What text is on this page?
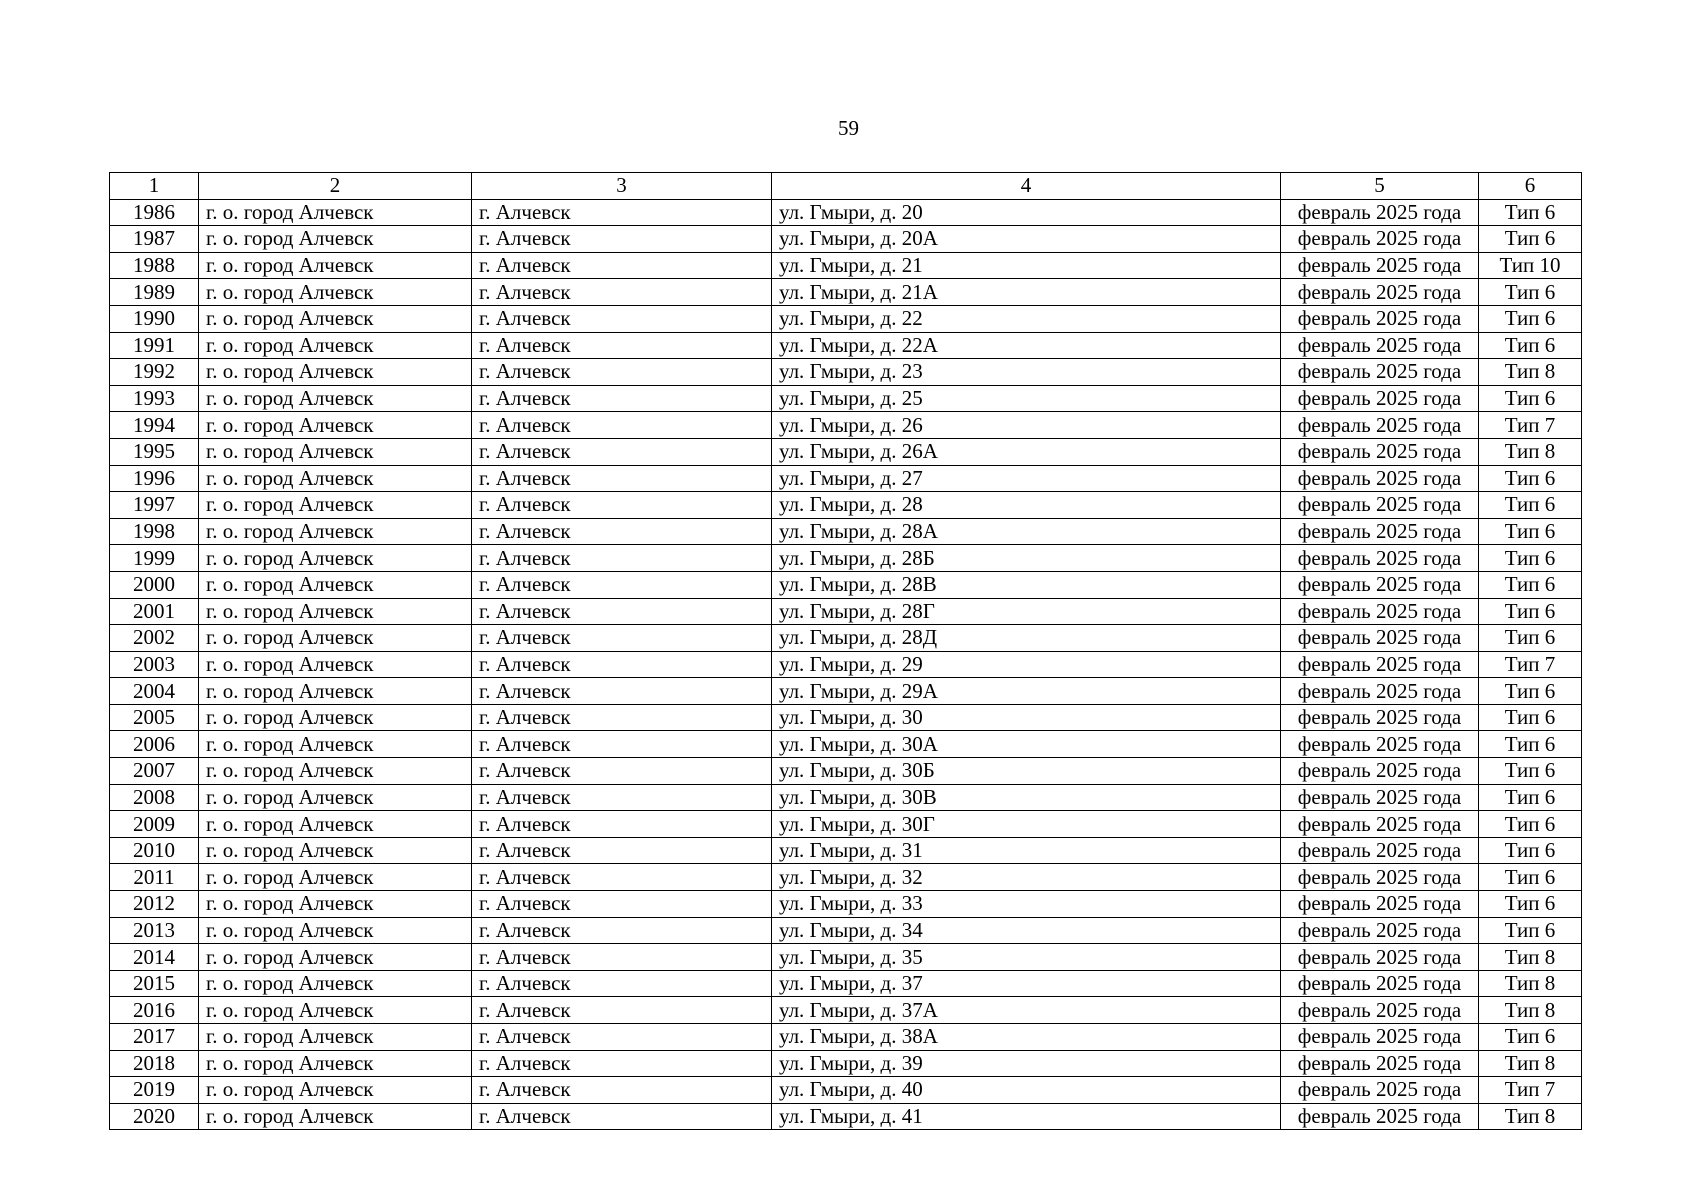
59
1	2	3	4	5	6
1986	г. о. город Алчевск	г. Алчевск	ул. Гмыри, д. 20	февраль 2025 года	Тип 6
1987	г. о. город Алчевск	г. Алчевск	ул. Гмыри, д. 20А	февраль 2025 года	Тип 6
1988	г. о. город Алчевск	г. Алчевск	ул. Гмыри, д. 21	февраль 2025 года	Тип 10
1989	г. о. город Алчевск	г. Алчевск	ул. Гмыри, д. 21А	февраль 2025 года	Тип 6
1990	г. о. город Алчевск	г. Алчевск	ул. Гмыри, д. 22	февраль 2025 года	Тип 6
1991	г. о. город Алчевск	г. Алчевск	ул. Гмыри, д. 22А	февраль 2025 года	Тип 6
1992	г. о. город Алчевск	г. Алчевск	ул. Гмыри, д. 23	февраль 2025 года	Тип 8
1993	г. о. город Алчевск	г. Алчевск	ул. Гмыри, д. 25	февраль 2025 года	Тип 6
1994	г. о. город Алчевск	г. Алчевск	ул. Гмыри, д. 26	февраль 2025 года	Тип 7
1995	г. о. город Алчевск	г. Алчевск	ул. Гмыри, д. 26А	февраль 2025 года	Тип 8
1996	г. о. город Алчевск	г. Алчевск	ул. Гмыри, д. 27	февраль 2025 года	Тип 6
1997	г. о. город Алчевск	г. Алчевск	ул. Гмыри, д. 28	февраль 2025 года	Тип 6
1998	г. о. город Алчевск	г. Алчевск	ул. Гмыри, д. 28А	февраль 2025 года	Тип 6
1999	г. о. город Алчевск	г. Алчевск	ул. Гмыри, д. 28Б	февраль 2025 года	Тип 6
2000	г. о. город Алчевск	г. Алчевск	ул. Гмыри, д. 28В	февраль 2025 года	Тип 6
2001	г. о. город Алчевск	г. Алчевск	ул. Гмыри, д. 28Г	февраль 2025 года	Тип 6
2002	г. о. город Алчевск	г. Алчевск	ул. Гмыри, д. 28Д	февраль 2025 года	Тип 6
2003	г. о. город Алчевск	г. Алчевск	ул. Гмыри, д. 29	февраль 2025 года	Тип 7
2004	г. о. город Алчевск	г. Алчевск	ул. Гмыри, д. 29А	февраль 2025 года	Тип 6
2005	г. о. город Алчевск	г. Алчевск	ул. Гмыри, д. 30	февраль 2025 года	Тип 6
2006	г. о. город Алчевск	г. Алчевск	ул. Гмыри, д. 30А	февраль 2025 года	Тип 6
2007	г. о. город Алчевск	г. Алчевск	ул. Гмыри, д. 30Б	февраль 2025 года	Тип 6
2008	г. о. город Алчевск	г. Алчевск	ул. Гмыри, д. 30В	февраль 2025 года	Тип 6
2009	г. о. город Алчевск	г. Алчевск	ул. Гмыри, д. 30Г	февраль 2025 года	Тип 6
2010	г. о. город Алчевск	г. Алчевск	ул. Гмыри, д. 31	февраль 2025 года	Тип 6
2011	г. о. город Алчевск	г. Алчевск	ул. Гмыри, д. 32	февраль 2025 года	Тип 6
2012	г. о. город Алчевск	г. Алчевск	ул. Гмыри, д. 33	февраль 2025 года	Тип 6
2013	г. о. город Алчевск	г. Алчевск	ул. Гмыри, д. 34	февраль 2025 года	Тип 6
2014	г. о. город Алчевск	г. Алчевск	ул. Гмыри, д. 35	февраль 2025 года	Тип 8
2015	г. о. город Алчевск	г. Алчевск	ул. Гмыри, д. 37	февраль 2025 года	Тип 8
2016	г. о. город Алчевск	г. Алчевск	ул. Гмыри, д. 37А	февраль 2025 года	Тип 8
2017	г. о. город Алчевск	г. Алчевск	ул. Гмыри, д. 38А	февраль 2025 года	Тип 6
2018	г. о. город Алчевск	г. Алчевск	ул. Гмыри, д. 39	февраль 2025 года	Тип 8
2019	г. о. город Алчевск	г. Алчевск	ул. Гмыри, д. 40	февраль 2025 года	Тип 7
2020	г. о. город Алчевск	г. Алчевск	ул. Гмыри, д. 41	февраль 2025 года	Тип 8
